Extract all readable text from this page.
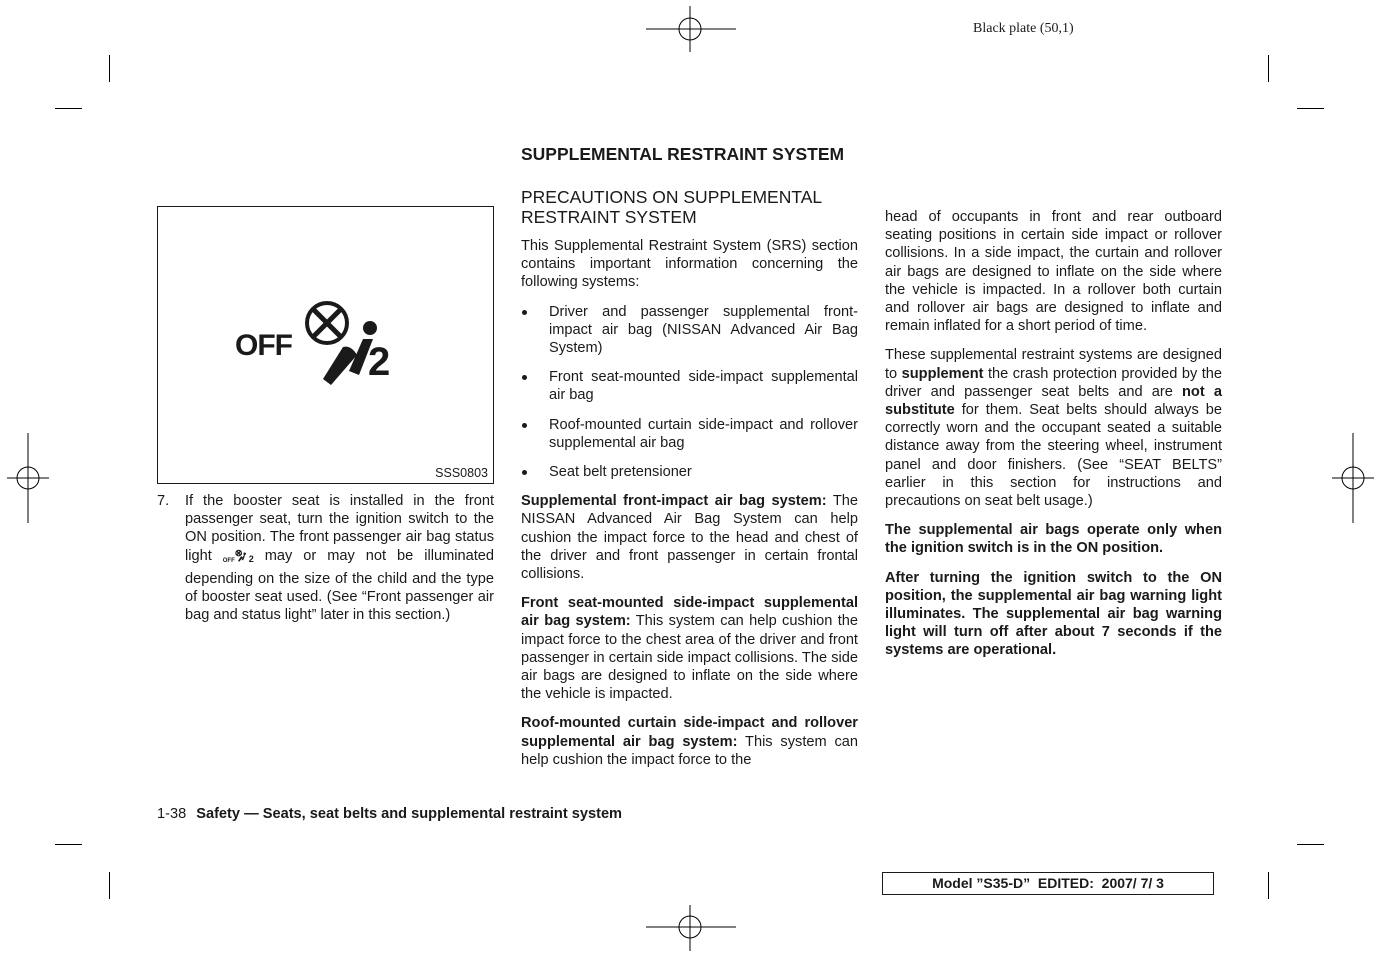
Black plate (50,1)
OFF 2
SSS0803
7. If the booster seat is installed in the front passenger seat, turn the ignition switch to the ON position. The front passenger air bag status light OFF 2 may or may not be illuminated depending on the size of the child and the type of booster seat used. (See “Front passenger air bag and status light” later in this section.)
SUPPLEMENTAL RESTRAINT SYSTEM
PRECAUTIONS ON SUPPLEMENTAL RESTRAINT SYSTEM

This Supplemental Restraint System (SRS) section contains important information concerning the following systems:

Driver and passenger supplemental front-impact air bag (NISSAN Advanced Air Bag System)
Front seat-mounted side-impact supplemental air bag
Roof-mounted curtain side-impact and rollover supplemental air bag
Seat belt pretensioner

Supplemental front-impact air bag system: The NISSAN Advanced Air Bag System can help cushion the impact force to the head and chest of the driver and front passenger in certain frontal collisions.

Front seat-mounted side-impact supplemental air bag system: This system can help cushion the impact force to the chest area of the driver and front passenger in certain side impact collisions. The side air bags are designed to inflate on the side where the vehicle is impacted.

Roof-mounted curtain side-impact and rollover supplemental air bag system: This system can help cushion the impact force to the

head of occupants in front and rear outboard seating positions in certain side impact or rollover collisions. In a side impact, the curtain and rollover air bags are designed to inflate on the side where the vehicle is impacted. In a rollover both curtain and rollover air bags are designed to inflate and remain inflated for a short period of time.

These supplemental restraint systems are designed to supplement the crash protection provided by the driver and passenger seat belts and are not a substitute for them. Seat belts should always be correctly worn and the occupant seated a suitable distance away from the steering wheel, instrument panel and door finishers. (See “SEAT BELTS” earlier in this section for instructions and precautions on seat belt usage.)

The supplemental air bags operate only when the ignition switch is in the ON position.

After turning the ignition switch to the ON position, the supplemental air bag warning light illuminates. The supplemental air bag warning light will turn off after about 7 seconds if the systems are operational.

1-38 Safety — Seats, seat belts and supplemental restraint system
Model ”S35-D” EDITED: 2007/ 7/ 3
